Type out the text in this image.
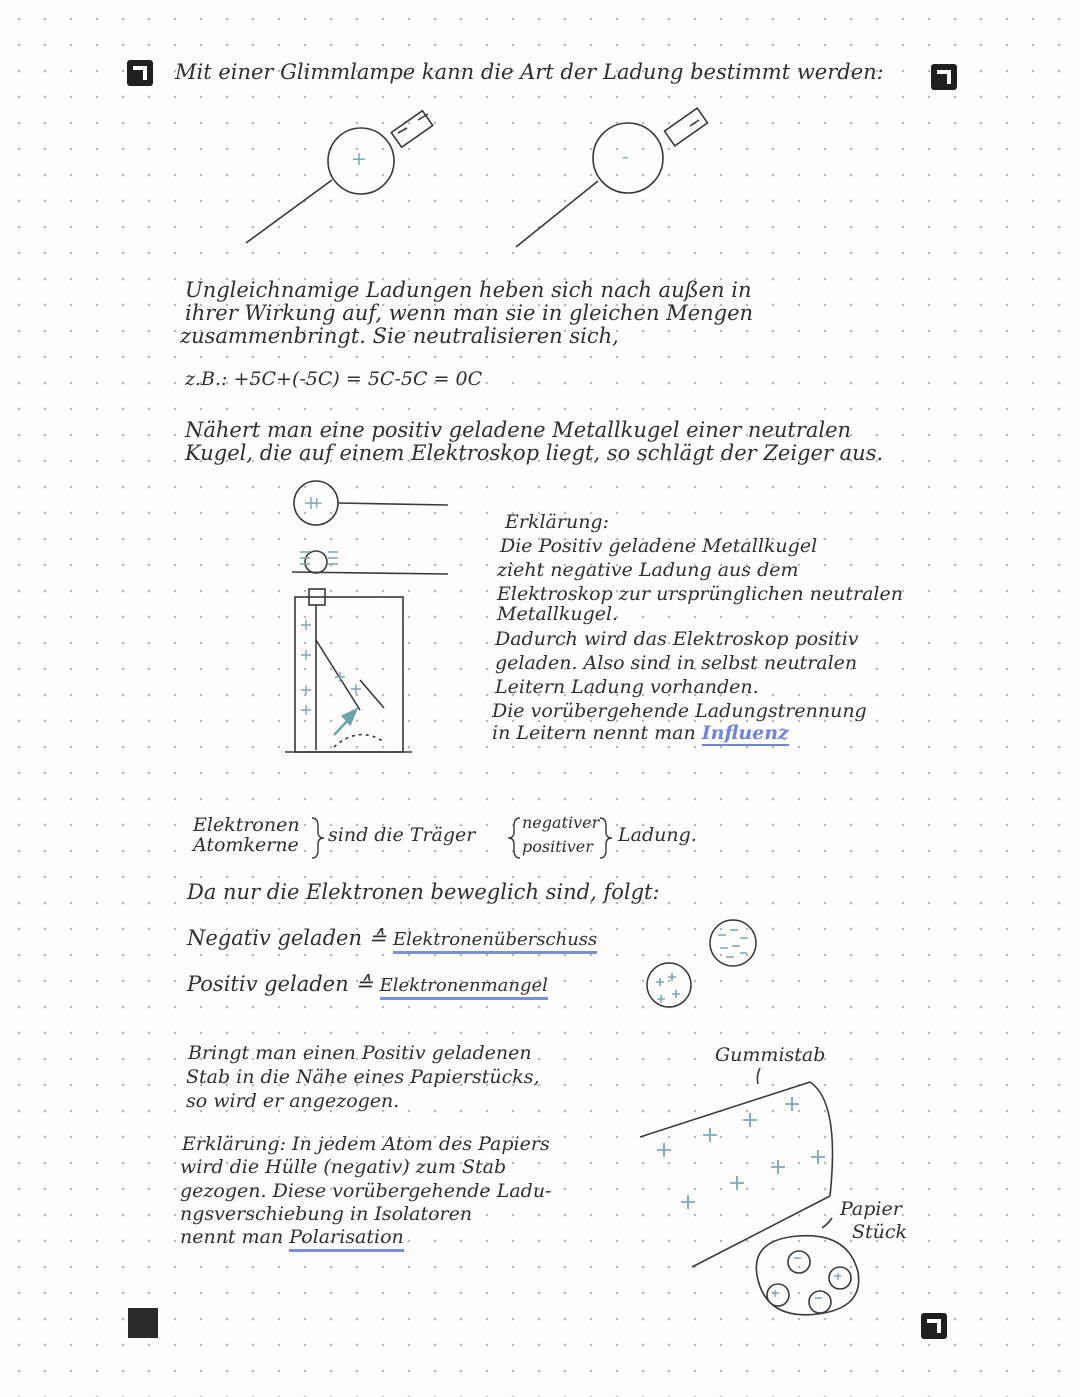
Mit einer Glimmlampe kann die Art der Ladung bestimmt werden:
+	-
Ungleichnamige Ladungen heben sich nach außen in
ihrer Wirkung auf, wenn man sie in gleichen Mengen
zusammenbringt. Sie neutralisieren sich,
z.B.: +5C+(-5C) = 5C-5C = 0C
Nähert man eine positiv geladene Metallkugel einer neutralen
Kugel, die auf einem Elektroskop liegt, so schlägt der Zeiger aus.
+
Erklärung:
Die Positiv geladene Metallkugel
zieht negative Ladung aus dem
Elektroskop zur ursprünglichen neutralen
Metallkugel.
Dadurch wird das Elektroskop positiv
geladen. Also sind in selbst neutralen
Leitern Ladung vorhanden.
Die vorübergehende Ladungstrennung
in Leitern nennt man Influenz
Elektronen
Atomkerne sind die Träger
negativer
positiver
Ladung.
Da nur die Elektronen beweglich sind, folgt:
Negativ geladen ≙ Elektronenüberschuss
Positiv geladen ≙ Elektronenmangel
Bringt man einen Positiv geladenen
Stab in die Nähe eines Papierstücks,
so wird er angezogen.
Gummistab
Erklärung: In jedem Atom des Papiers
wird die Hülle (negativ) zum Stab
gezogen. Diese vorübergehende Ladu-
ngsverschiebung in Isolatoren
nennt man Polarisation
Papier
Stück
